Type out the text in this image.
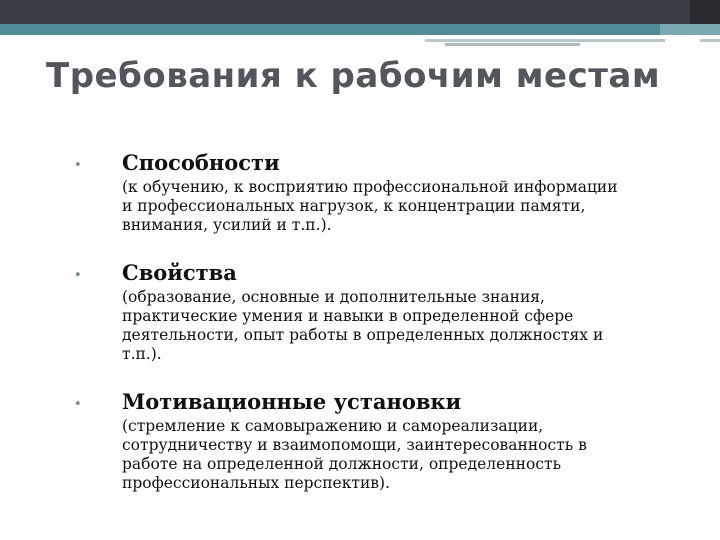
Требования к рабочим местам
• Способности
(к обучению, к восприятию профессиональной информации
и профессиональных нагрузок, к концентрации памяти,
внимания, усилий и т.п.).
• Свойства
(образование, основные и дополнительные знания,
практические умения и навыки в определенной сфере
деятельности, опыт работы в определенных должностях и
т.п.).
• Мотивационные установки
(стремление к самовыражению и самореализации,
сотрудничеству и взаимопомощи, заинтересованность в
работе на определенной должности, определенность
профессиональных перспектив).
